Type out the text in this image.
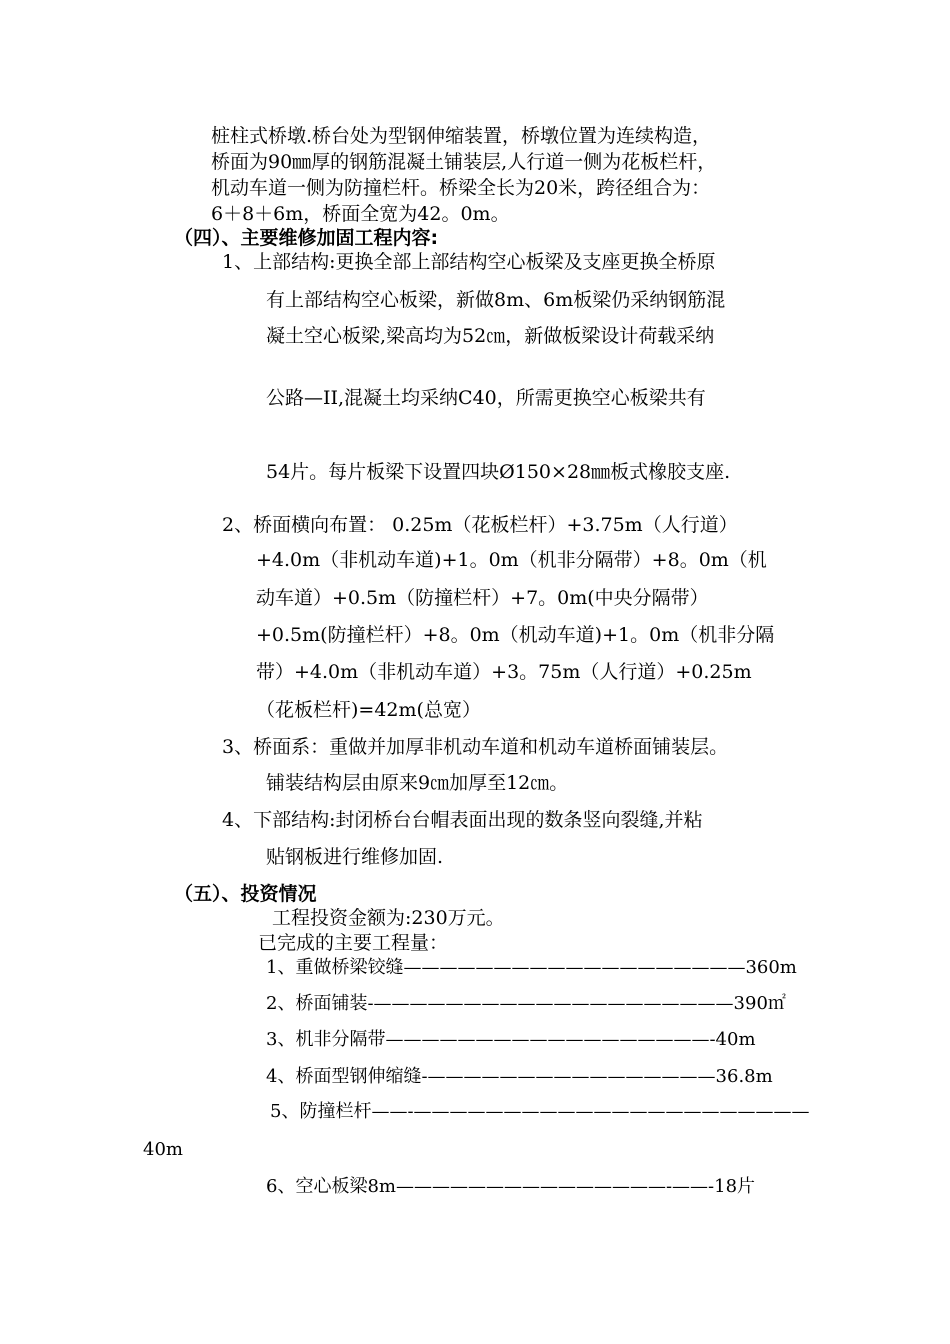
桩柱式桥墩.桥台处为型钢伸缩装置，桥墩位置为连续构造，
桥面为90㎜厚的钢筋混凝土铺装层,人行道一侧为花板栏杆，
机动车道一侧为防撞栏杆。桥梁全长为20米，跨径组合为：
6＋8＋6m，桥面全宽为42。0m。
（四）、主要维修加固工程内容:
1、上部结构:更换全部上部结构空心板梁及支座更换全桥原
有上部结构空心板梁，新做8m、6m板梁仍采纳钢筋混
凝土空心板梁,梁高均为52㎝，新做板梁设计荷载采纳
公路—II,混凝土均采纳C40，所需更换空心板梁共有
54片。每片板梁下设置四块Ø150×28㎜板式橡胶支座.
2、桥面横向布置： 0.25m（花板栏杆）+3.75m（人行道）
+4.0m（非机动车道)+1。0m（机非分隔带）+8。0m（机
动车道）+0.5m（防撞栏杆）+7。0m(中央分隔带）
+0.5m(防撞栏杆）+8。0m（机动车道)+1。0m（机非分隔
带）+4.0m（非机动车道）+3。75m（人行道）+0.25m
（花板栏杆)=42m(总宽）
3、桥面系：重做并加厚非机动车道和机动车道桥面铺装层。
铺装结构层由原来9㎝加厚至12㎝。
4、下部结构:封闭桥台台帽表面出现的数条竖向裂缝,并粘
贴钢板进行维修加固.
（五）、投资情况
工程投资金额为:230万元。
已完成的主要工程量：
1、重做桥梁铰缝———————————————————360m
2、桥面铺装-————————————————————390㎡
3、机非分隔带——————————————————-40m
4、桥面型钢伸缩缝-————————————————36.8m
5、防撞栏杆——-——————————————————————
40m
6、空心板梁8m———————————————-——-18片
